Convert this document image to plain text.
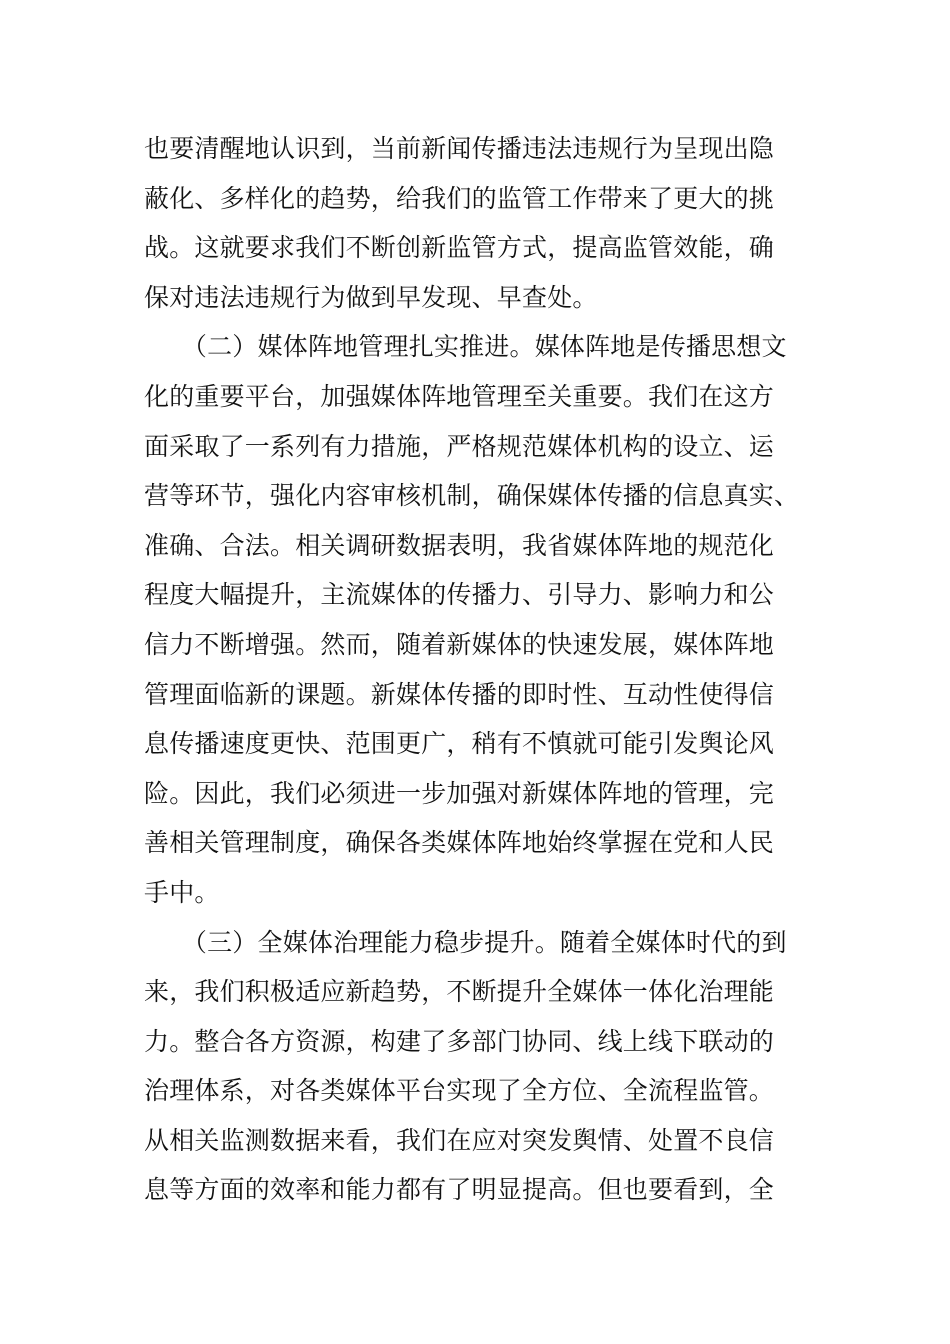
也要清醒地认识到，当前新闻传播违法违规行为呈现出隐
蔽化、多样化的趋势，给我们的监管工作带来了更大的挑
战。这就要求我们不断创新监管方式，提高监管效能，确
保对违法违规行为做到早发现、早查处。
　　（二）媒体阵地管理扎实推进。媒体阵地是传播思想文
化的重要平台，加强媒体阵地管理至关重要。我们在这方
面采取了一系列有力措施，严格规范媒体机构的设立、运
营等环节，强化内容审核机制，确保媒体传播的信息真实、
准确、合法。相关调研数据表明，我省媒体阵地的规范化
程度大幅提升，主流媒体的传播力、引导力、影响力和公
信力不断增强。然而，随着新媒体的快速发展，媒体阵地
管理面临新的课题。新媒体传播的即时性、互动性使得信
息传播速度更快、范围更广，稍有不慎就可能引发舆论风
险。因此，我们必须进一步加强对新媒体阵地的管理，完
善相关管理制度，确保各类媒体阵地始终掌握在党和人民
手中。
　　（三）全媒体治理能力稳步提升。随着全媒体时代的到
来，我们积极适应新趋势，不断提升全媒体一体化治理能
力。整合各方资源，构建了多部门协同、线上线下联动的
治理体系，对各类媒体平台实现了全方位、全流程监管。
从相关监测数据来看，我们在应对突发舆情、处置不良信
息等方面的效率和能力都有了明显提高。但也要看到，全
